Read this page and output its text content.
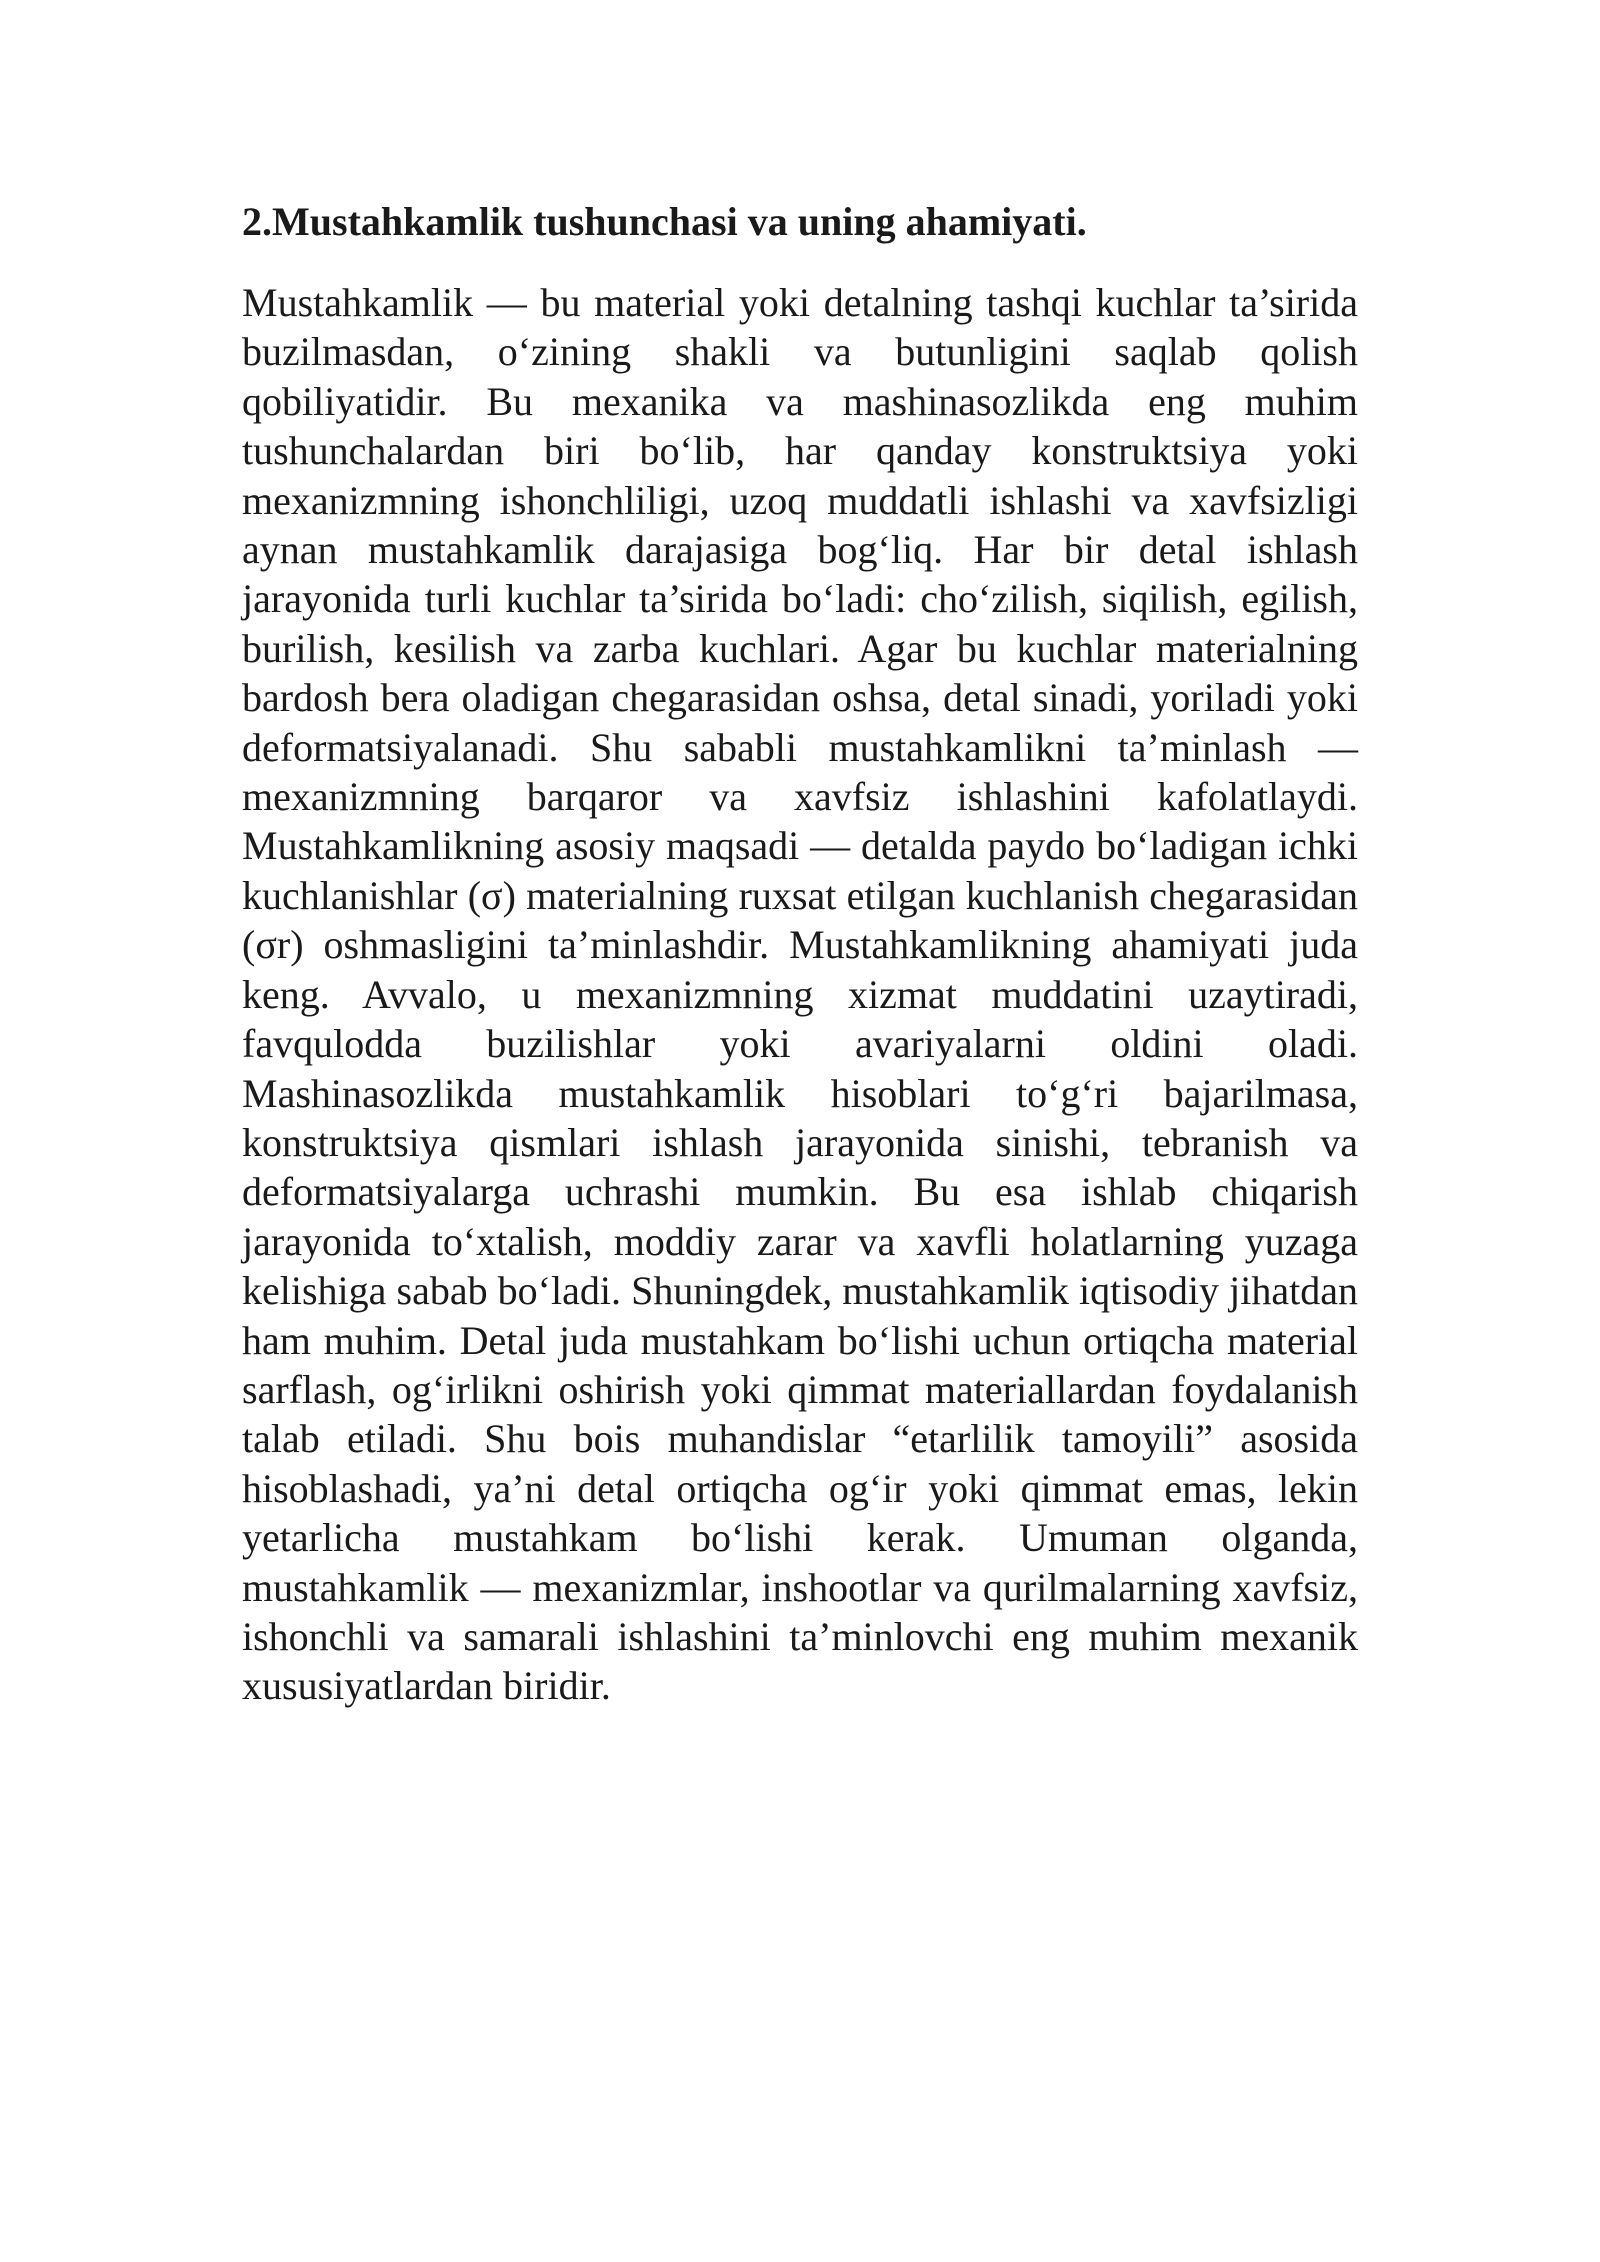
2.Mustahkamlik tushunchasi va uning ahamiyati.

Mustahkamlik — bu material yoki detalning tashqi kuchlar ta’sirida buzilmasdan, o‘zining shakli va butunligini saqlab qolish qobiliyatidir. Bu mexanika va mashinasozlikda eng muhim tushunchalardan biri bo‘lib, har qanday konstruktsiya yoki mexanizmning ishonchliligi, uzoq muddatli ishlashi va xavfsizligi aynan mustahkamlik darajasiga bog‘liq. Har bir detal ishlash jarayonida turli kuchlar ta’sirida bo‘ladi: cho‘zilish, siqilish, egilish, burilish, kesilish va zarba kuchlari. Agar bu kuchlar materialning bardosh bera oladigan chegarasidan oshsa, detal sinadi, yoriladi yoki deformatsiyalanadi. Shu sababli mustahkamlikni ta’minlash — mexanizmning barqaror va xavfsiz ishlashini kafolatlaydi. Mustahkamlikning asosiy maqsadi — detalda paydo bo‘ladigan ichki kuchlanishlar (σ) materialning ruxsat etilgan kuchlanish chegarasidan (σr) oshmasligini ta’minlashdir. Mustahkamlikning ahamiyati juda keng. Avvalo, u mexanizmning xizmat muddatini uzaytiradi, favqulodda buzilishlar yoki avariyalarni oldini oladi. Mashinasozlikda mustahkamlik hisoblari to‘g‘ri bajarilmasa, konstruktsiya qismlari ishlash jarayonida sinishi, tebranish va deformatsiyalarga uchrashi mumkin. Bu esa ishlab chiqarish jarayonida to‘xtalish, moddiy zarar va xavfli holatlarning yuzaga kelishiga sabab bo‘ladi. Shuningdek, mustahkamlik iqtisodiy jihatdan ham muhim. Detal juda mustahkam bo‘lishi uchun ortiqcha material sarflash, og‘irlikni oshirish yoki qimmat materiallardan foydalanish talab etiladi. Shu bois muhandislar “etarlilik tamoyili” asosida hisoblashadi, ya’ni detal ortiqcha og‘ir yoki qimmat emas, lekin yetarlicha mustahkam bo‘lishi kerak. Umuman olganda, mustahkamlik — mexanizmlar, inshootlar va qurilmalarning xavfsiz, ishonchli va samarali ishlashini ta’minlovchi eng muhim mexanik xususiyatlardan biridir.
